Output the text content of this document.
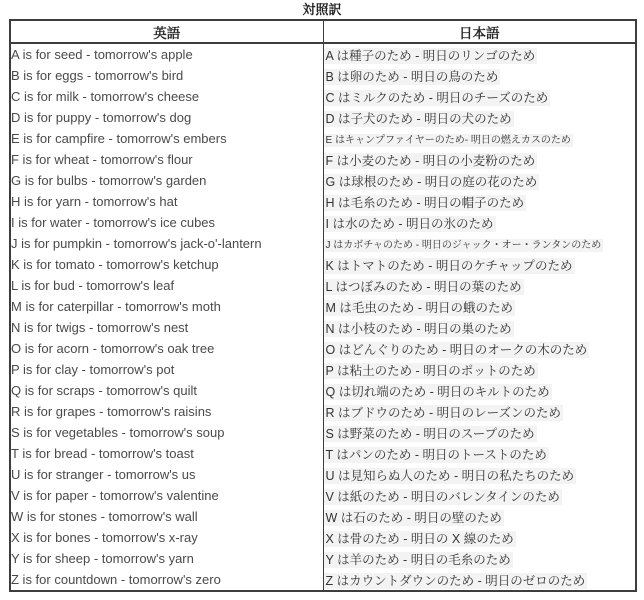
対照訳
英語	日本語
A is for seed - tomorrow's apple	A は種子のため - 明日のリンゴのため
B is for eggs - tomorrow's bird	B は卵のため - 明日の鳥のため
C is for milk - tomorrow's cheese	C はミルクのため - 明日のチーズのため
D is for puppy - tomorrow's dog	D は子犬のため - 明日の犬のため
E is for campfire - tomorrow's embers	E はキャンプファイヤーのため- 明日の燃えカスのため
F is for wheat - tomorrow's flour	F は小麦のため - 明日の小麦粉のため
G is for bulbs - tomorrow's garden	G は球根のため - 明日の庭の花のため
H is for yarn - tomorrow's hat	H は毛糸のため - 明日の帽子のため
I is for water - tomorrow's ice cubes	I は水のため - 明日の氷のため
J is for pumpkin - tomorrow's jack-o'-lantern	J はカボチャのため - 明日のジャック・オー・ランタンのため
K is for tomato - tomorrow's ketchup	K はトマトのため - 明日のケチャップのため
L is for bud - tomorrow's leaf	L はつぼみのため - 明日の葉のため
M is for caterpillar - tomorrow's moth	M は毛虫のため - 明日の蛾のため
N is for twigs - tomorrow's nest	N は小枝のため - 明日の巣のため
O is for acorn - tomorrow's oak tree	O はどんぐりのため - 明日のオークの木のため
P is for clay - tomorrow's pot	P は粘土のため - 明日のポットのため
Q is for scraps - tomorrow's quilt	Q は切れ端のため - 明日のキルトのため
R is for grapes - tomorrow's raisins	R はブドウのため - 明日のレーズンのため
S is for vegetables - tomorrow's soup	S は野菜のため - 明日のスープのため
T is for bread - tomorrow's toast	T はパンのため - 明日のトーストのため
U is for stranger - tomorrow's us	U は見知らぬ人のため - 明日の私たちのため
V is for paper - tomorrow's valentine	V は紙のため - 明日のバレンタインのため
W is for stones - tomorrow's wall	W は石のため - 明日の壁のため
X is for bones - tomorrow's x-ray	X は骨のため - 明日の X 線のため
Y is for sheep - tomorrow's yarn	Y は羊のため - 明日の毛糸のため
Z is for countdown - tomorrow's zero	Z はカウントダウンのため - 明日のゼロのため
